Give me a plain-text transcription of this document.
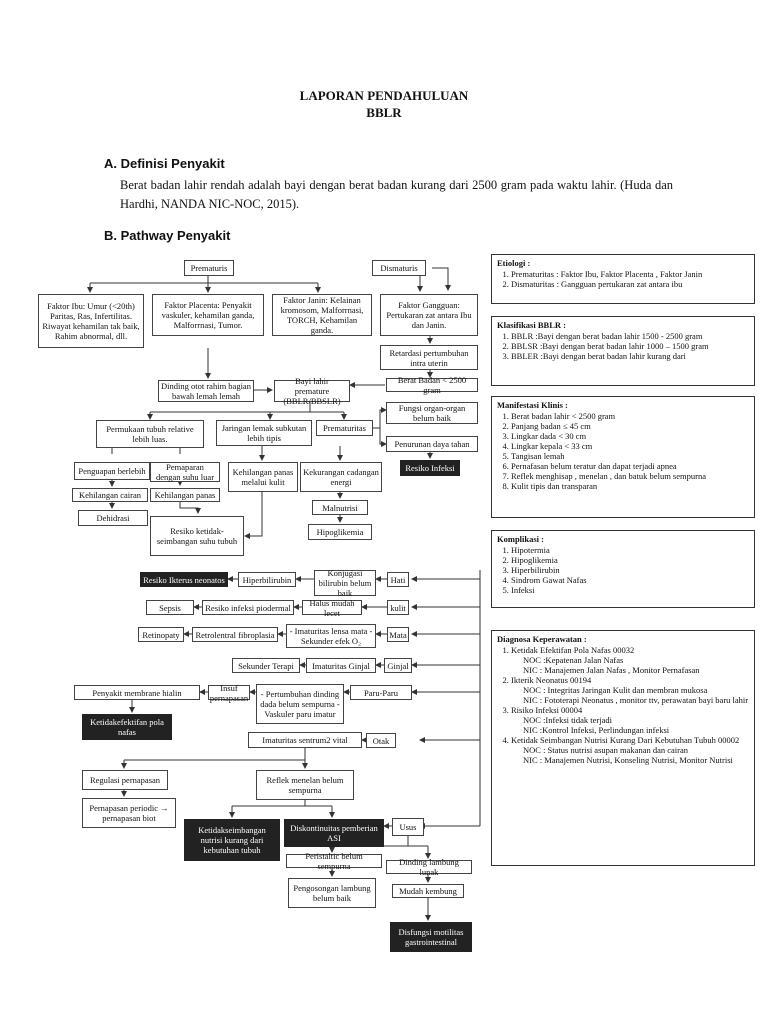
LAPORAN PENDAHULUAN
BBLR
A. Definisi Penyakit
Berat badan lahir rendah adalah bayi dengan berat badan kurang dari 2500 gram pada waktu lahir. (Huda dan Hardhi, NANDA NIC-NOC, 2015).
B. Pathway Penyakit
Prematuris	Dismaturis
Faktor Ibu: Umur (<20th) Paritas, Ras, Infertilitas. Riwayat kehamilan tak baik, Rahim abnormal, dll.
Faktor Placenta: Penyakit vaskuler, kehamilan ganda, Malforrnasi, Tumor.
Faktor Janin: Kelainan kromosom, Malforrnasi, TORCH, Kehamilan ganda.
Faktor Gangguan: Pertukaran zat antara Ibu dan Janin.
Retardasi pertumbuhan intra uterin
Berat Badan < 2500 gram
Dinding otot rahim bagian bawah lemah lemah
Bayi lahir premature (BBLR/BBSLR)
Fungsi organ-organ belum baik
Penurunan daya tahan
Resiko Infeksi
Permukaan tubuh relative lebih luas.
Jaringan lemak subkutan lebih tipis
Prematuritas
Penguapan berlebih	Pemaparan dengan suhu luar
Kehilangan cairan Kehilangan panas
Dehidrasi
Kehilangan panas melalui kulit
Kekurangan cadangan energi
Malnutrisi
Hipoglikemia
Resiko ketidak-seimbangan suhu tubuh
Resiko Ikterus neonatos Hiperbilirubin
Konjugasi bilirubin belum baik
Hati
Sepsis	Resiko infeksi piodermal	Halus mudah lecet	kulit
Retinopaty Retrolentral fibroplasia - Imaturitas lensa mata - Sekunder efek O₂
Mata
Sekunder Terapi Imaturitas Ginjal Ginjal
Penyakit membrane hialin	Insuf pernapasan - Pertumbuhan dinding dada belum sempurna - Vaskuler paru imatur
Paru-Paru
Ketidakefektifan pola nafas
Imaturitas sentrum2 vital	Otak
Regulasi pernapasan	Reflek menelan belum sempurna
Pernapasan periodic → pernapasan biot
Ketidakseimbangan nutrisi kurang dari kebutuhan tubuh
Diskontinuitas pemberian ASI
Usus
Peristaltic belum sempurna	Dinding lambung lunak
Pengosongan lambung belum baik
Mudah kembung
Disfungsi motilitas gastrointestinal
Etiologi :
1. Prematuritas : Faktor Ibu, Faktor Placenta , Faktor Janin
2. Dismaturitas : Gangguan pertukaran zat antara ibu
Klasifikasi BBLR :
1. BBLR :Bayi dengan berat badan lahir 1500 - 2500 gram
2. BBLSR :Bayi dengan berat badan lahir 1000 – 1500 gram
3. BBLER :Bayi dengan berat badan lahir kurang dari
Manifestasi Klinis :
1. Berat badan lahir < 2500 gram
2. Panjang badan ≤ 45 cm
3. Lingkar dada < 30 cm
4. Lingkar kepala < 33 cm
5. Tangisan lemah
6. Pernafasan belum teratur dan dapat terjadi apnea
7. Reflek menghisap , menelan , dan batuk belum sempurna
8. Kulit tipis dan transparan
Komplikasi :
1. Hipotermia
2. Hipoglikemia
3. Hiperbilirubin
4. Sindrom Gawat Nafas
5. Infeksi
Diagnosa Keperawatan :
1. Ketidak Efektifan Pola Nafas 00032
NOC :Kepatenan Jalan Nafas
NIC : Manajemen Jalan Nafas , Monitor Pernafasan
2. Ikterik Neonatus 00194
NOC : Integritas Jaringan Kulit dan membran mukosa
NIC : Fototerapi Neonatus , monitor ttv, perawatan bayi baru lahir
3. Risiko Infeksi 00004
NOC :Infeksi tidak terjadi
NIC :Kontrol Infeksi, Perlindungan infeksi
4. Ketidak Seimbangan Nutrisi Kurang Dari Kebutuhan Tubuh 00002
NOC : Status nutrisi asupan makanan dan cairan
NIC : Manajemen Nutrisi, Konseling Nutrisi, Monitor Nutrisi
